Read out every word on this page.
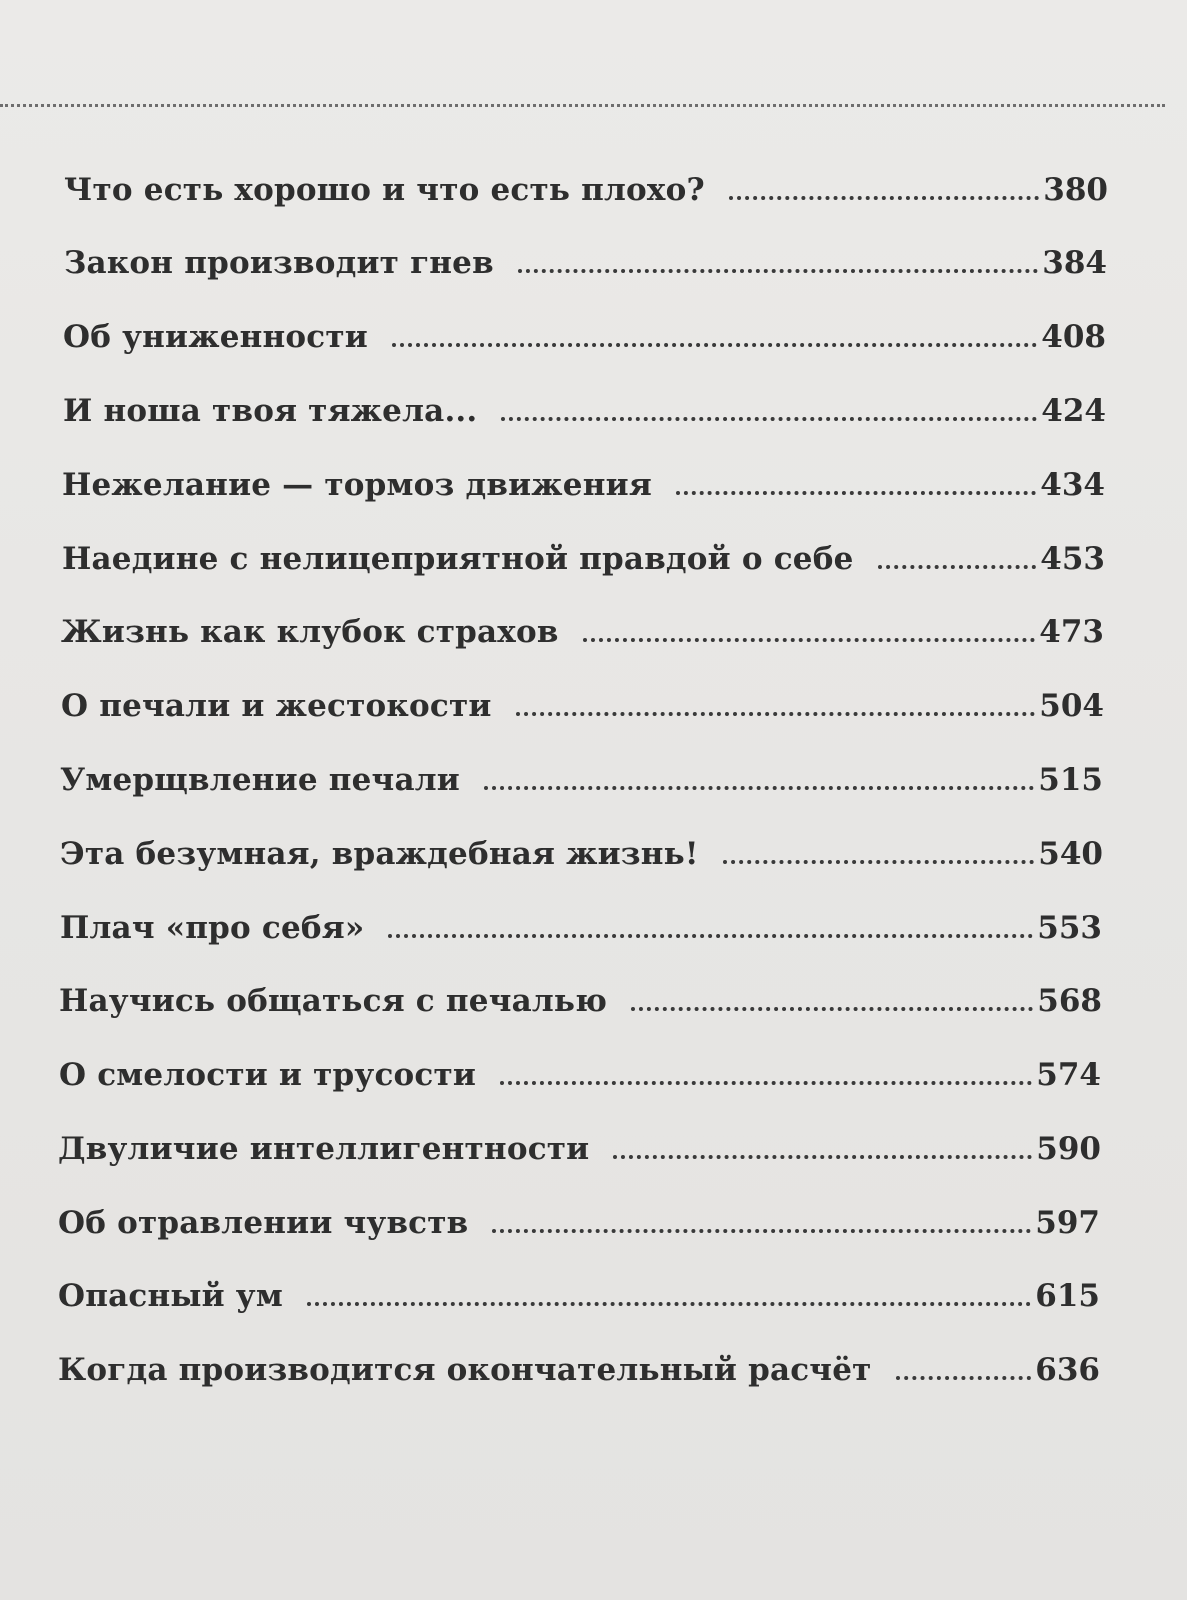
Что есть хорошо и что есть плохо?	380
Закон производит гнев	384
Об униженности	408
И ноша твоя тяжела...	424
Нежелание — тормоз движения	434
Наедине с нелицеприятной правдой о себе	453
Жизнь как клубок страхов	473
О печали и жестокости	504
Умерщвление печали	515
Эта безумная, враждебная жизнь!	540
Плач «про себя»	553
Научись общаться с печалью	568
О смелости и трусости	574
Двуличие интеллигентности	590
Об отравлении чувств	597
Опасный ум	615
Когда производится окончательный расчёт	636
